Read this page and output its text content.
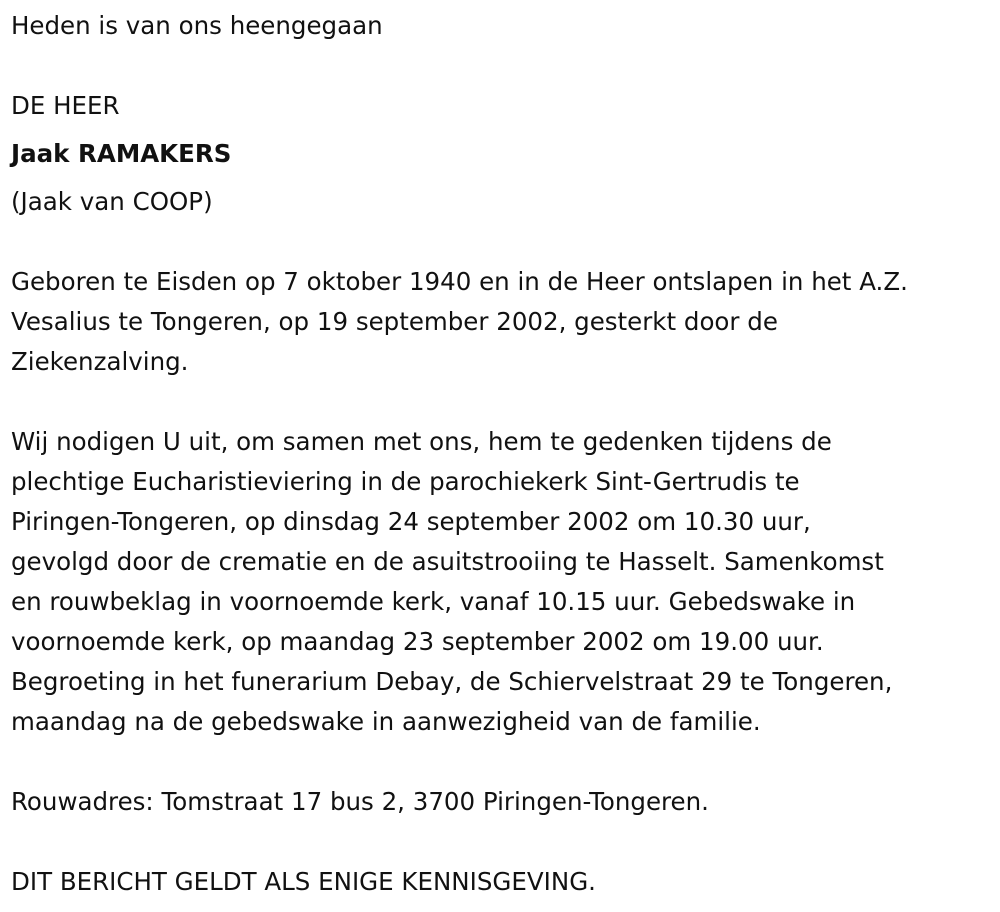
Heden is van ons heengegaan
DE HEER
Jaak RAMAKERS
(Jaak van COOP)
Geboren te Eisden op 7 oktober 1940 en in de Heer ontslapen in het A.Z.
Vesalius te Tongeren, op 19 september 2002, gesterkt door de
Ziekenzalving.
Wij nodigen U uit, om samen met ons, hem te gedenken tijdens de
plechtige Eucharistieviering in de parochiekerk Sint-Gertrudis te
Piringen-Tongeren, op dinsdag 24 september 2002 om 10.30 uur,
gevolgd door de crematie en de asuitstrooiing te Hasselt. Samenkomst
en rouwbeklag in voornoemde kerk, vanaf 10.15 uur. Gebedswake in
voornoemde kerk, op maandag 23 september 2002 om 19.00 uur.
Begroeting in het funerarium Debay, de Schiervelstraat 29 te Tongeren,
maandag na de gebedswake in aanwezigheid van de familie.
Rouwadres: Tomstraat 17 bus 2, 3700 Piringen-Tongeren.
DIT BERICHT GELDT ALS ENIGE KENNISGEVING.
